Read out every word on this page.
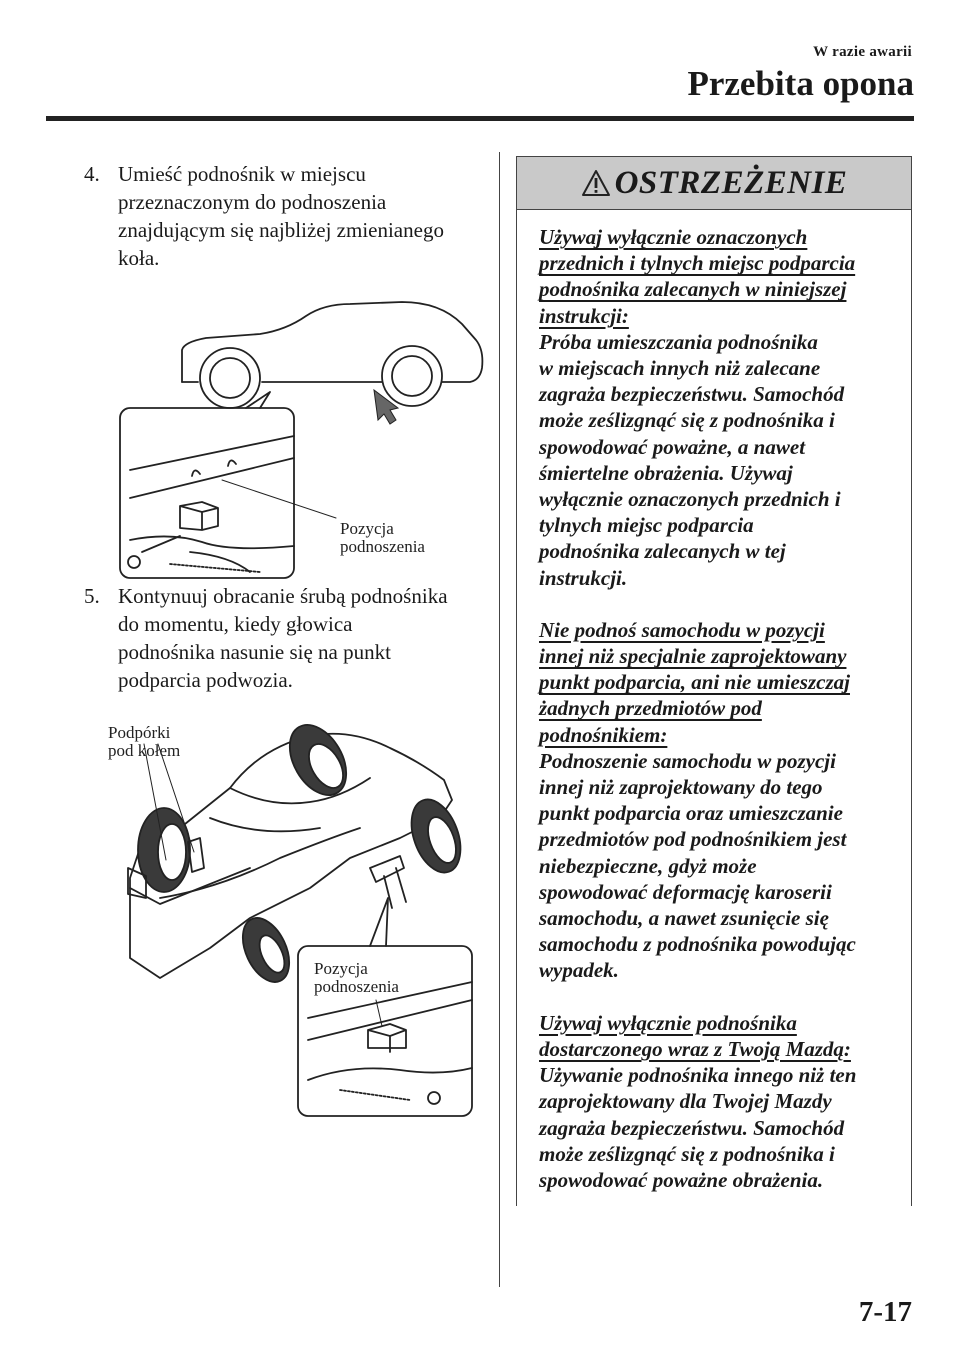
W razie awarii
Przebita opona
4. Umieść podnośnik w miejscu
przeznaczonym do podnoszenia
znajdującym się najbliżej zmienianego
koła.
Pozycja
podnoszenia
5. Kontynuuj obracanie śrubą podnośnika
do momentu, kiedy głowica
podnośnika nasunie się na punkt
podparcia podwozia.
Podpórki
pod kołem
Pozycja
podnoszenia
OSTRZEŻENIE

Używaj wyłącznie oznaczonych
przednich i tylnych miejsc podparcia
podnośnika zalecanych w niniejszej
instrukcji:
Próba umieszczania podnośnika
w miejscach innych niż zalecane
zagraża bezpieczeństwu. Samochód
może ześlizgnąć się z podnośnika i
spowodować poważne, a nawet
śmiertelne obrażenia. Używaj
wyłącznie oznaczonych przednich i
tylnych miejsc podparcia
podnośnika zalecanych w tej
instrukcji.

Nie podnoś samochodu w pozycji
innej niż specjalnie zaprojektowany
punkt podparcia, ani nie umieszczaj
żadnych przedmiotów pod
podnośnikiem:
Podnoszenie samochodu w pozycji
innej niż zaprojektowany do tego
punkt podparcia oraz umieszczanie
przedmiotów pod podnośnikiem jest
niebezpieczne, gdyż może
spowodować deformację karoserii
samochodu, a nawet zsunięcie się
samochodu z podnośnika powodując
wypadek.

Używaj wyłącznie podnośnika
dostarczonego wraz z Twoją Mazdą:
Używanie podnośnika innego niż ten
zaprojektowany dla Twojej Mazdy
zagraża bezpieczeństwu. Samochód
może ześlizgnąć się z podnośnika i
spowodować poważne obrażenia.

7-17
